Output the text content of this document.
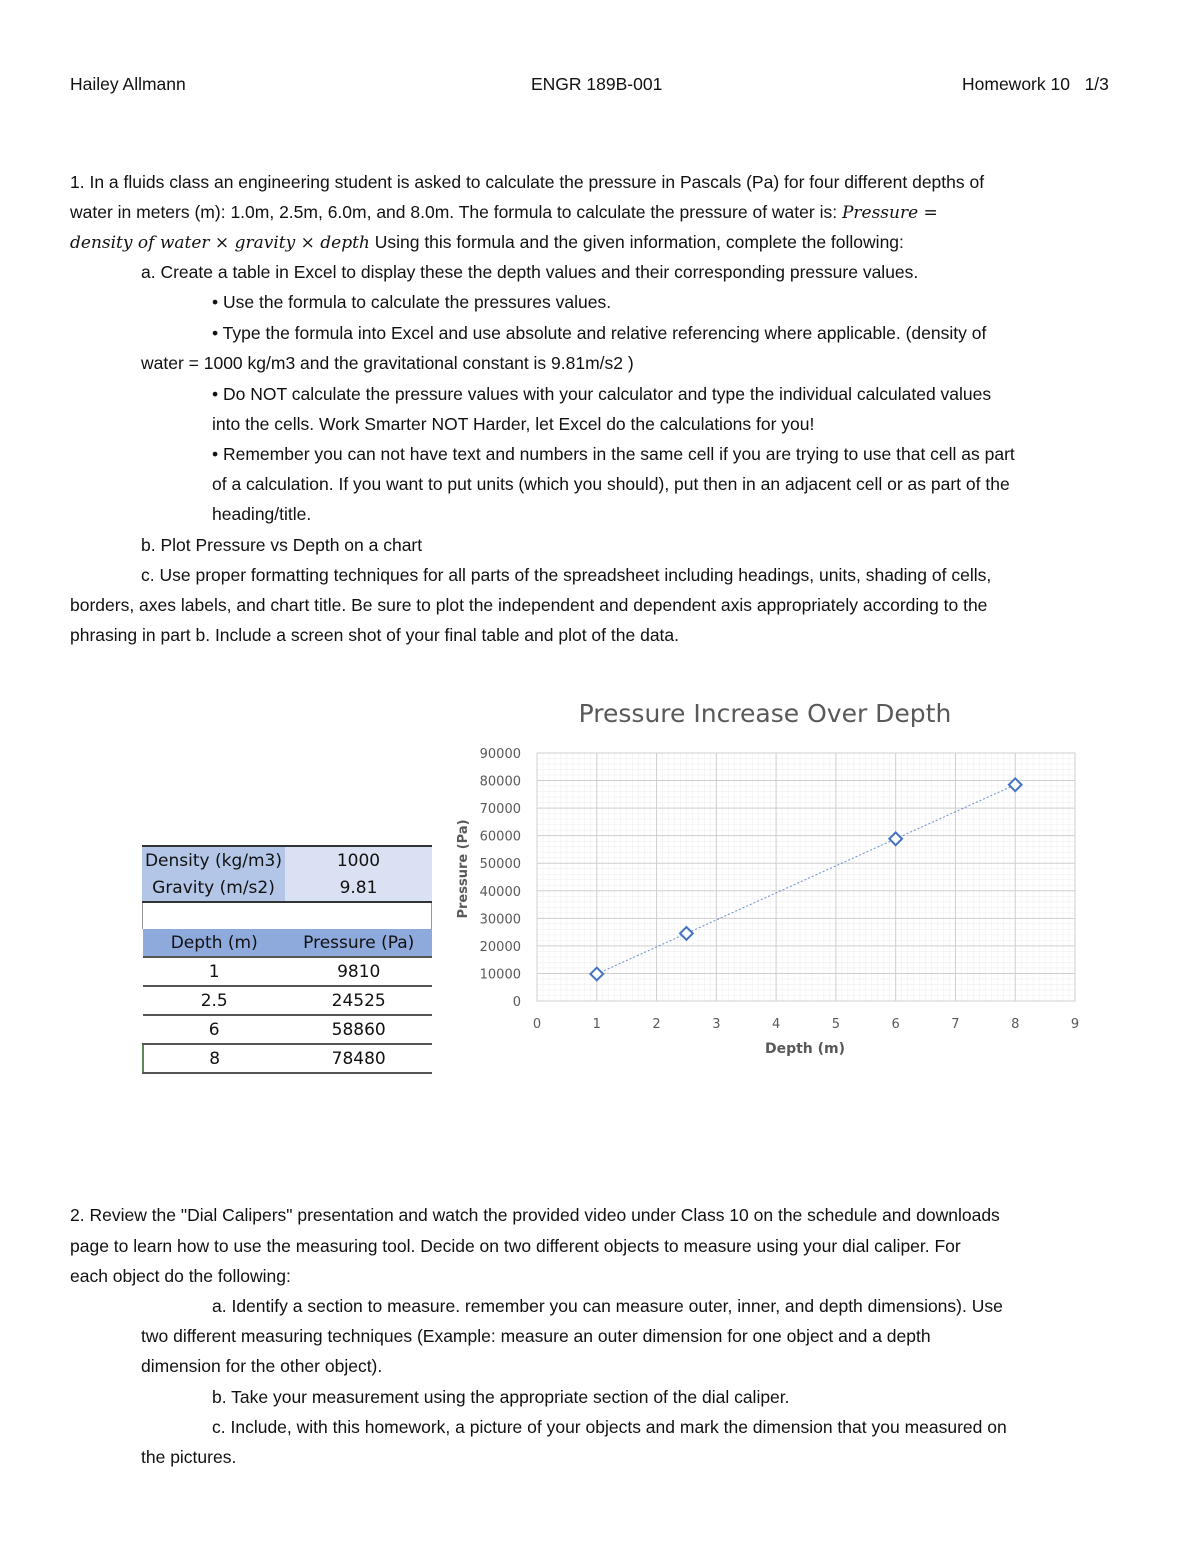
Hailey Allmann	ENGR 189B-001	Homework 10 1/3
1. In a fluids class an engineering student is asked to calculate the pressure in Pascals (Pa) for four different depths of
water in meters (m): 1.0m, 2.5m, 6.0m, and 8.0m. The formula to calculate the pressure of water is: Pressure =
density of water × gravity × depth Using this formula and the given information, complete the following:
a. Create a table in Excel to display these the depth values and their corresponding pressure values.
• Use the formula to calculate the pressures values.
• Type the formula into Excel and use absolute and relative referencing where applicable. (density of
water = 1000 kg/m3 and the gravitational constant is 9.81m/s2 )
• Do NOT calculate the pressure values with your calculator and type the individual calculated values
into the cells. Work Smarter NOT Harder, let Excel do the calculations for you!
• Remember you can not have text and numbers in the same cell if you are trying to use that cell as part
of a calculation. If you want to put units (which you should), put then in an adjacent cell or as part of the
heading/title.
b. Plot Pressure vs Depth on a chart
c. Use proper formatting techniques for all parts of the spreadsheet including headings, units, shading of cells,
borders, axes labels, and chart title. Be sure to plot the independent and dependent axis appropriately according to the
phrasing in part b. Include a screen shot of your final table and plot of the data.
Density (kg/m3)	1000
Gravity (m/s2)	9.81
Depth (m)	Pressure (Pa)
1	9810
2.5	24525
6	58860
8	78480
Pressure Increase Over Depth
0
10000
20000
30000
40000
50000
60000
70000
80000
90000
0	1	2	3	4	5	6	7	8	9
Pressure (Pa)
Depth (m)
2. Review the "Dial Calipers" presentation and watch the provided video under Class 10 on the schedule and downloads
page to learn how to use the measuring tool. Decide on two different objects to measure using your dial caliper. For
each object do the following:
a. Identify a section to measure. remember you can measure outer, inner, and depth dimensions). Use
two different measuring techniques (Example: measure an outer dimension for one object and a depth
dimension for the other object).
b. Take your measurement using the appropriate section of the dial caliper.
c. Include, with this homework, a picture of your objects and mark the dimension that you measured on
the pictures.
